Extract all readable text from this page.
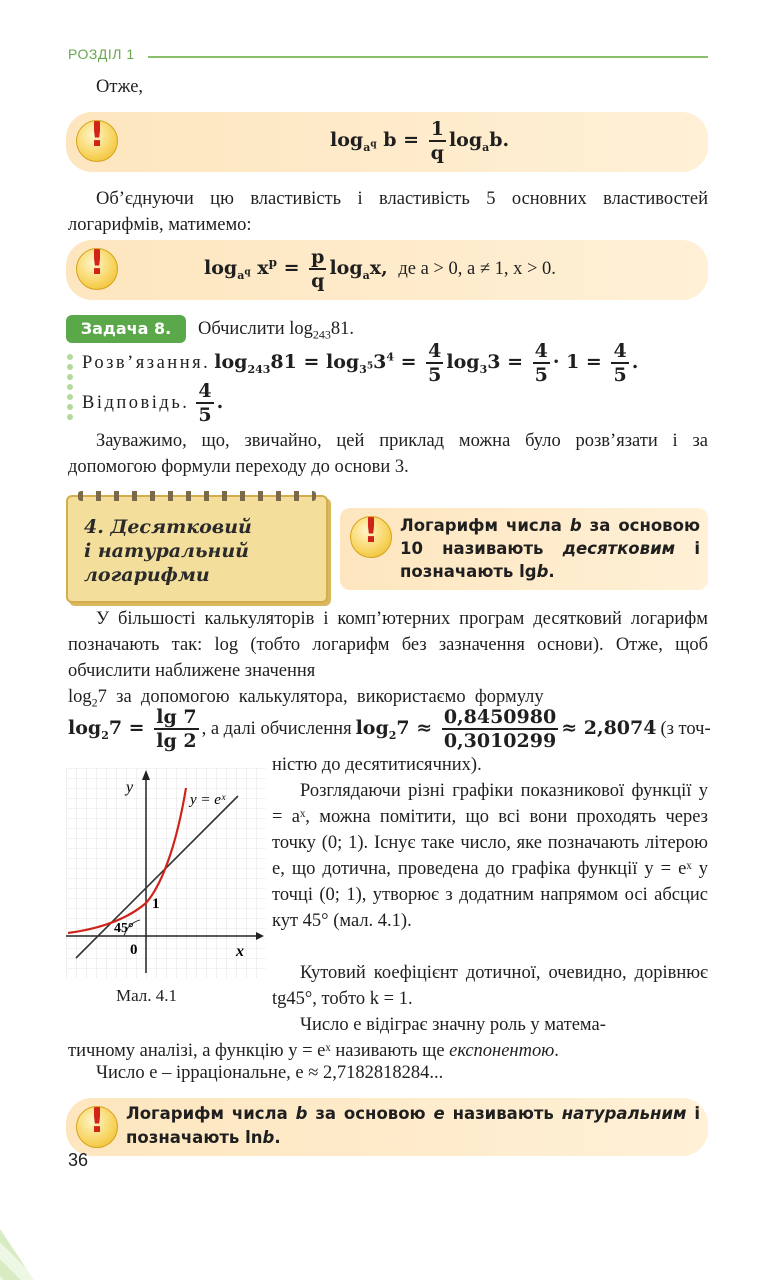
РОЗДІЛ 1
Отже,
!	$\log_{a^q} b = \frac{1}{q} \log_ab$.
Об’єднуючи цю властивість і властивість 5 основних властивостей логарифмів, матимемо:
!	$\log_{a^q} x^p = \frac{p}{q} \log_ax$, де a > 0, a ≠ 1, x > 0.
Задача 8.	Обчислити $\log_{243}81$.
Розв’язання. $\log_{243}81 = \log_{3^5}3^4 = \frac{4}{5} \log_33 = \frac{4}{5} \cdot 1 = \frac{4}{5}$ .
Відповідь. $\frac{4}{5}$ .
Зауважимо, що, звичайно, цей приклад можна було розв’язати і за допомогою формули переходу до основи 3.
4. Десятковий
і натуральний
логарифми
!	Логарифм числа b за основою 10 називають десятковим і позначають lgb.
У більшості калькуляторів і комп’ютерних програм десятковий логарифм позначають так: log (тобто логарифм без зазначення основи). Отже, щоб обчислити наближене значення
$\log_27$  за  допомогою  калькулятора,  використаємо  формулу
$\log_27 = \frac{\lg 7}{\lg 2}$ , а далі обчислення $\log_27 \approx \frac{0,8450980}{0,3010299} \approx 2,8074$ (з точ-
ністю до десятитисячних).
y
x
y = eˣ
1
0
45°
Мал. 4.1
Розглядаючи різні графіки показникової функції y = aˣ, можна помітити, що всі вони проходять через точку (0; 1). Існує таке число, яке позначають літерою e, що дотична, проведена до графіка функції y = eˣ у точці (0; 1), утворює з додатним напрямом осі абсцис кут 45° (мал. 4.1).
Кутовий коефіцієнт дотичної, очевидно, дорівнює tg45°, тобто k = 1.
Число e відіграє значну роль у матема-
тичному аналізі, а функцію y = eˣ називають ще експонентою.
Число e – ірраціональне, e ≈ 2,7182818284...
!	Логарифм числа b за основою e називають натуральним і позначають lnb.
36
